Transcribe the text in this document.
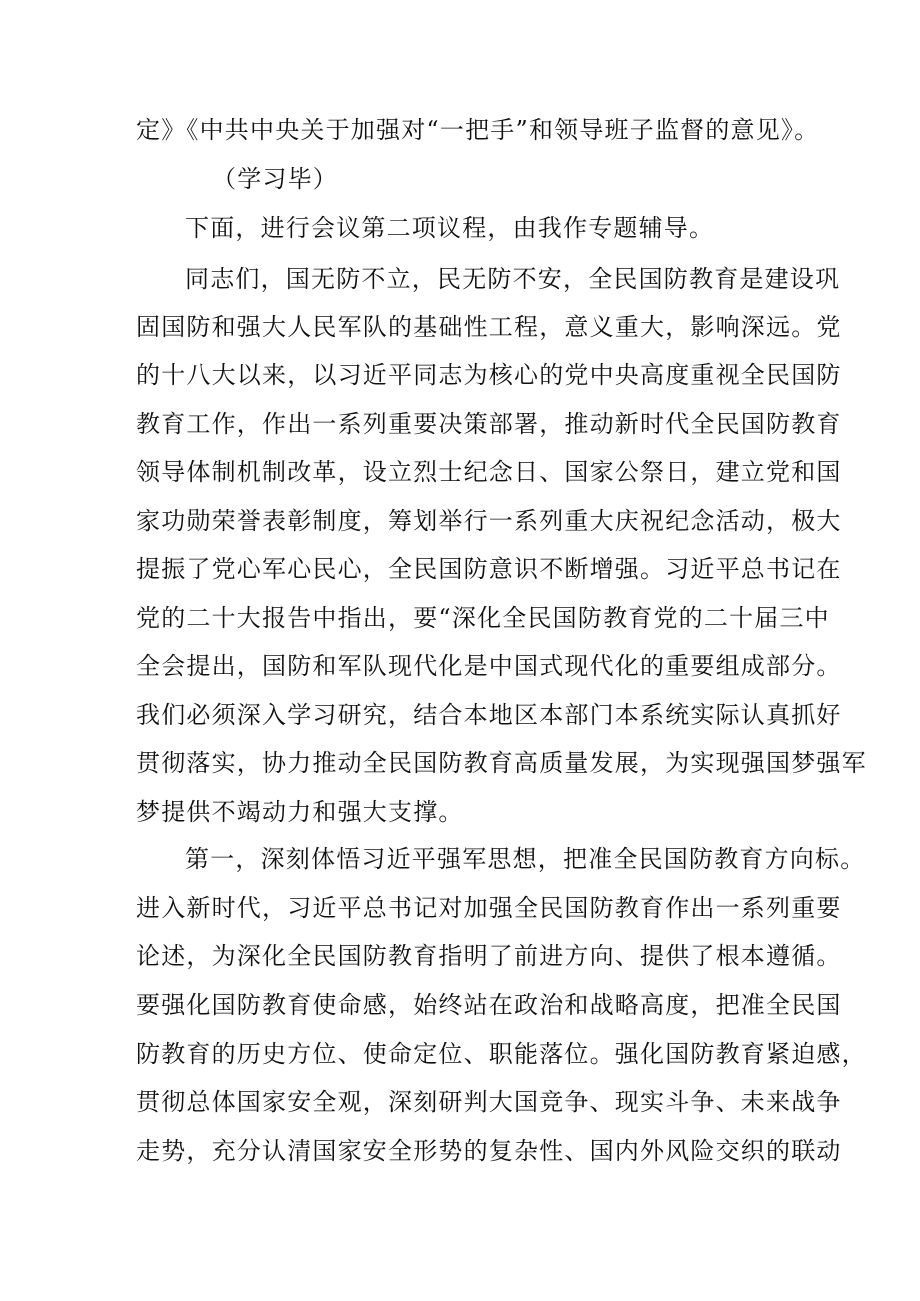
定》《中共中央关于加强对“一把手”和领导班子监督的意见》。
（学习毕）
下面，进行会议第二项议程，由我作专题辅导。
同志们，国无防不立，民无防不安，全民国防教育是建设巩
固国防和强大人民军队的基础性工程，意义重大，影响深远。党
的十八大以来，以习近平同志为核心的党中央高度重视全民国防
教育工作，作出一系列重要决策部署，推动新时代全民国防教育
领导体制机制改革，设立烈士纪念日、国家公祭日，建立党和国
家功勋荣誉表彰制度，筹划举行一系列重大庆祝纪念活动，极大
提振了党心军心民心，全民国防意识不断增强。习近平总书记在
党的二十大报告中指出，要“深化全民国防教育党的二十届三中
全会提出，国防和军队现代化是中国式现代化的重要组成部分。
我们必须深入学习研究，结合本地区本部门本系统实际认真抓好
贯彻落实，协力推动全民国防教育高质量发展，为实现强国梦强军
梦提供不竭动力和强大支撑。
第一，深刻体悟习近平强军思想，把准全民国防教育方向标。
进入新时代，习近平总书记对加强全民国防教育作出一系列重要
论述，为深化全民国防教育指明了前进方向、提供了根本遵循。
要强化国防教育使命感，始终站在政治和战略高度，把准全民国
防教育的历史方位、使命定位、职能落位。强化国防教育紧迫感，
贯彻总体国家安全观，深刻研判大国竞争、现实斗争、未来战争
走势，充分认清国家安全形势的复杂性、国内外风险交织的联动
